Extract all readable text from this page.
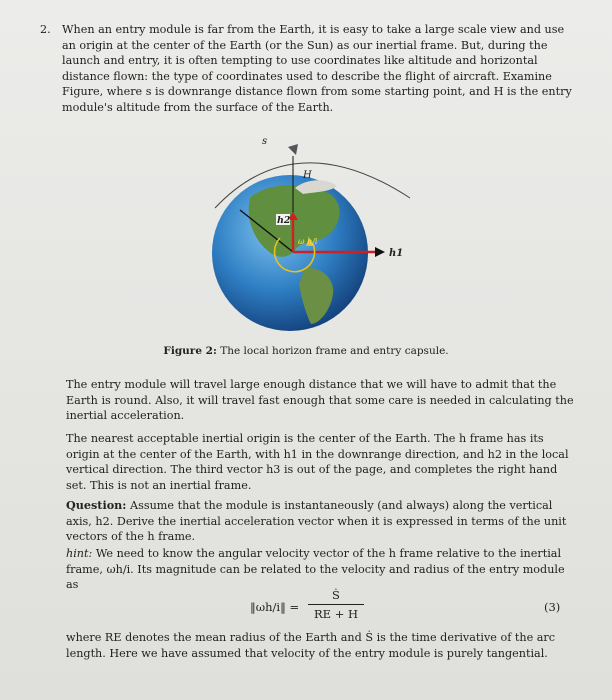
2. When an entry module is far from the Earth, it is easy to take a large scale view and use an origin at the center of the Earth (or the Sun) as our inertial frame. But, during the launch and entry, it is often tempting to use coordinates like altitude and horizontal distance flown: the type of coordinates used to describe the flight of aircraft. Examine Figure, where s is downrange distance flown from some starting point, and H is the entry module's altitude from the surface of the Earth.
s
H
h2
ω h/i
h1
Figure 2: The local horizon frame and entry capsule.
The entry module will travel large enough distance that we will have to admit that the Earth is round. Also, it will travel fast enough that some care is needed in calculating the inertial acceleration.
The nearest acceptable inertial origin is the center of the Earth. The h frame has its origin at the center of the Earth, with h1 in the downrange direction, and h2 in the local vertical direction. The third vector h3 is out of the page, and completes the right hand set. This is not an inertial frame.
Question: Assume that the module is instantaneously (and always) along the vertical axis, h2. Derive the inertial acceleration vector when it is expressed in terms of the unit vectors of the h frame.
hint: We need to know the angular velocity vector of the h frame relative to the inertial frame, ωh/i. Its magnitude can be related to the velocity and radius of the entry module as
‖ωh/i‖ = $\frac{\text{Ṡ}}{RE + H}$	(3)
where RE denotes the mean radius of the Earth and Ṡ is the time derivative of the arc length. Here we have assumed that velocity of the entry module is purely tangential.
